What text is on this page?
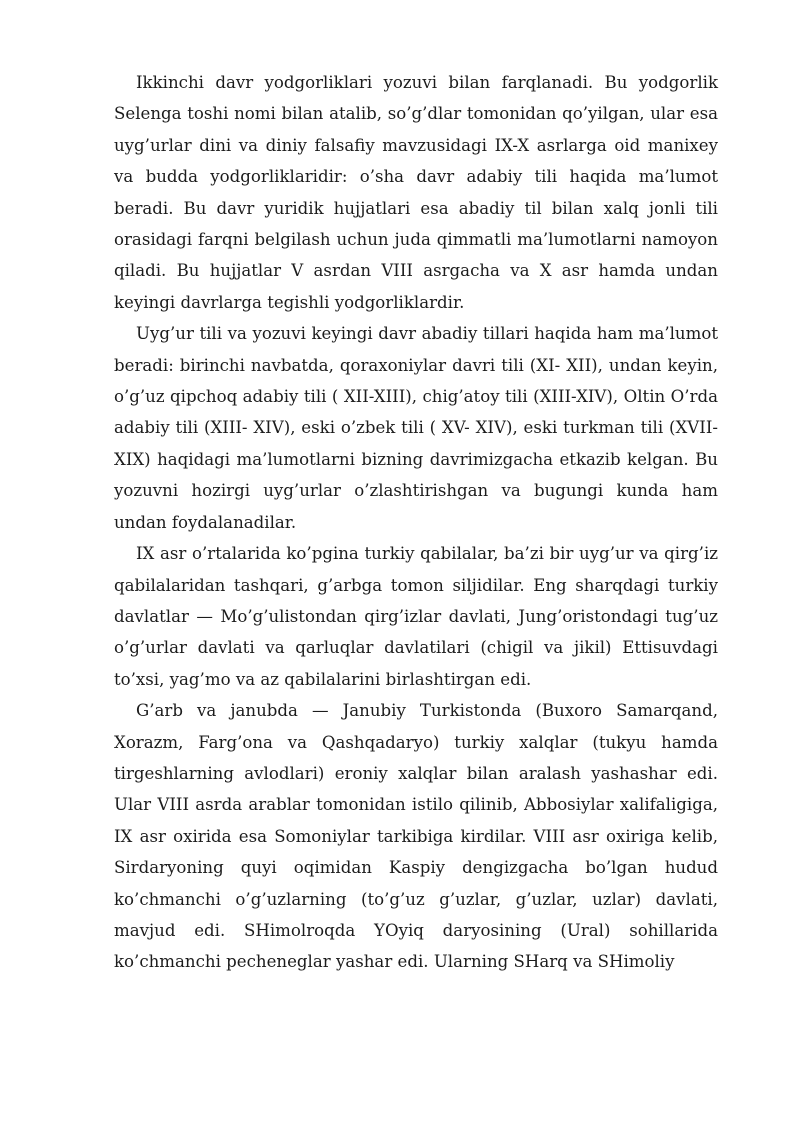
Ikkinchi davr yodgorliklari yozuvi bilan farqlanadi. Bu yodgorlik Selenga toshi nomi bilan atalib, so’g’dlar tomonidan qo’yilgan, ular esa uyg’urlar dini va diniy falsafiy mavzusidagi IX-X asrlarga oid manixey va budda yodgorliklaridir: o’sha davr adabiy tili haqida ma’lumot beradi. Bu davr yuridik hujjatlari esa abadiy til bilan xalq jonli tili orasidagi farqni belgilash uchun juda qimmatli ma’lumotlarni namoyon qiladi. Bu hujjatlar V asrdan VIII asrgacha va X asr hamda undan keyingi davrlarga tegishli yodgorliklardir.

Uyg’ur tili va yozuvi keyingi davr abadiy tillari haqida ham ma’lumot beradi: birinchi navbatda, qoraxoniylar davri tili (XI- XII), undan keyin, o’g’uz qipchoq adabiy tili ( XII-XIII), chig’atoy tili (XIII-XIV), Oltin O’rda adabiy tili (XIII- XIV), eski o’zbek tili ( XV- XIV), eski turkman tili (XVII-XIX) haqidagi ma’lumotlarni bizning davrimizgacha etkazib kelgan. Bu yozuvni hozirgi uyg’urlar o’zlashtirishgan va bugungi kunda ham undan foydalanadilar.

IX asr o’rtalarida ko’pgina turkiy qabilalar, ba’zi bir uyg’ur va qirg’iz qabilalaridan tashqari, g’arbga tomon siljidilar. Eng sharqdagi turkiy davlatlar — Mo’g’ulistondan qirg’izlar davlati, Jung’oristondagi tug’uz o’g’urlar davlati va qarluqlar davlatilari (chigil va jikil) Ettisuvdagi to’xsi, yag’mo va az qabilalarini birlashtirgan edi.

G’arb va janubda — Janubiy Turkistonda (Buxoro Samarqand, Xorazm, Farg’ona va Qashqadaryo) turkiy xalqlar (tukyu hamda tirgeshlarning avlodlari) eroniy xalqlar bilan aralash yashashar edi. Ular VIII asrda arablar tomonidan istilo qilinib, Abbosiylar xalifaligiga, IX asr oxirida esa Somoniylar tarkibiga kirdilar. VIII asr oxiriga kelib, Sirdaryoning quyi oqimidan Kaspiy dengizgacha bo’lgan hudud ko’chmanchi o’g’uzlarning (to’g’uz g’uzlar, g’uzlar, uzlar) davlati, mavjud edi. SHimolroqda YOyiq daryosining (Ural) sohillarida ko’chmanchi pecheneglar yashar edi. Ularning SHarq va SHimoliy
